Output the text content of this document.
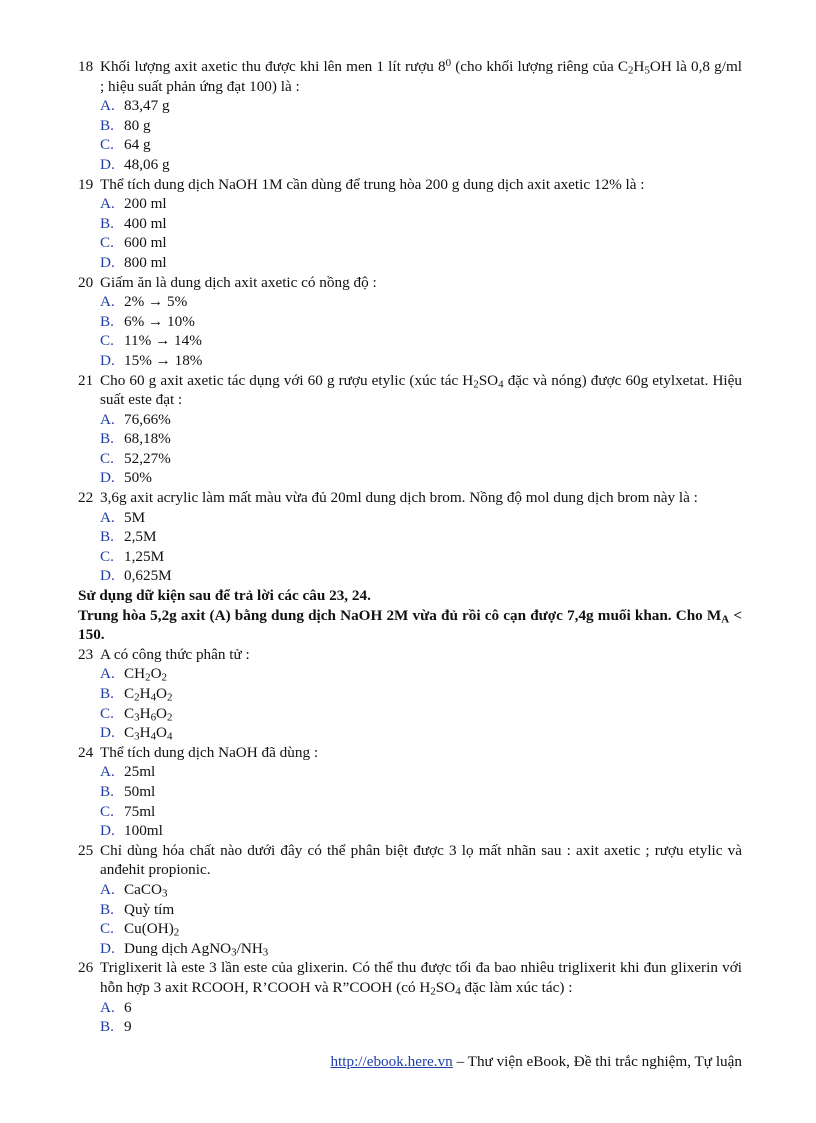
18 Khối lượng axit axetic thu được khi lên men 1 lít rượu $8^0$ (cho khối lượng riêng của $C_2H_5OH$ là 0,8 g/ml ; hiệu suất phản ứng đạt 100) là :
A. 83,47 g
B. 80 g
C. 64 g
D. 48,06 g
19 Thể tích dung dịch NaOH 1M cần dùng để trung hòa 200 g dung dịch axit axetic 12% là :
A. 200 ml
B. 400 ml
C. 600 ml
D. 800 ml
20 Giấm ăn là dung dịch axit axetic có nồng độ :
A. 2% → 5%
B. 6% → 10%
C. 11% → 14%
D. 15% → 18%
21 Cho 60 g axit axetic tác dụng với 60 g rượu etylic (xúc tác $H_2SO_4$ đặc và nóng) được 60g etylxetat. Hiệu suất este đạt :
A. 76,66%
B. 68,18%
C. 52,27%
D. 50%
22 3,6g axit acrylic làm mất màu vừa đủ 20ml dung dịch brom. Nồng độ mol dung dịch brom này là :
A. 5M
B. 2,5M
C. 1,25M
D. 0,625M
Sử dụng dữ kiện sau để trả lời các câu 23, 24.
Trung hòa 5,2g axit (A) bằng dung dịch NaOH 2M vừa đủ rồi cô cạn được 7,4g muối khan. Cho $M_A < 150$.
23 A có công thức phân tử :
A. $CH_2O_2$
B. $C_2H_4O_2$
C. $C_3H_6O_2$
D. $C_3H_4O_4$
24 Thể tích dung dịch NaOH đã dùng :
A. 25ml
B. 50ml
C. 75ml
D. 100ml
25 Chỉ dùng hóa chất nào dưới đây có thể phân biệt được 3 lọ mất nhãn sau : axit axetic ; rượu etylic và anđehit propionic.
A. CaCO$_3$
B. Quỳ tím
C. $Cu(OH)_2$
D. Dung dịch $AgNO_3/NH_3$
26 Triglixerit là este 3 lần este của glixerin. Có thể thu được tối đa bao nhiêu triglixerit khi đun glixerin với hỗn hợp 3 axit RCOOH, R’COOH và R”COOH (có $H_2SO_4$ đặc làm xúc tác) :
A. 6
B. 9
http://ebook.here.vn – Thư viện eBook, Đề thi trắc nghiệm, Tự luận
